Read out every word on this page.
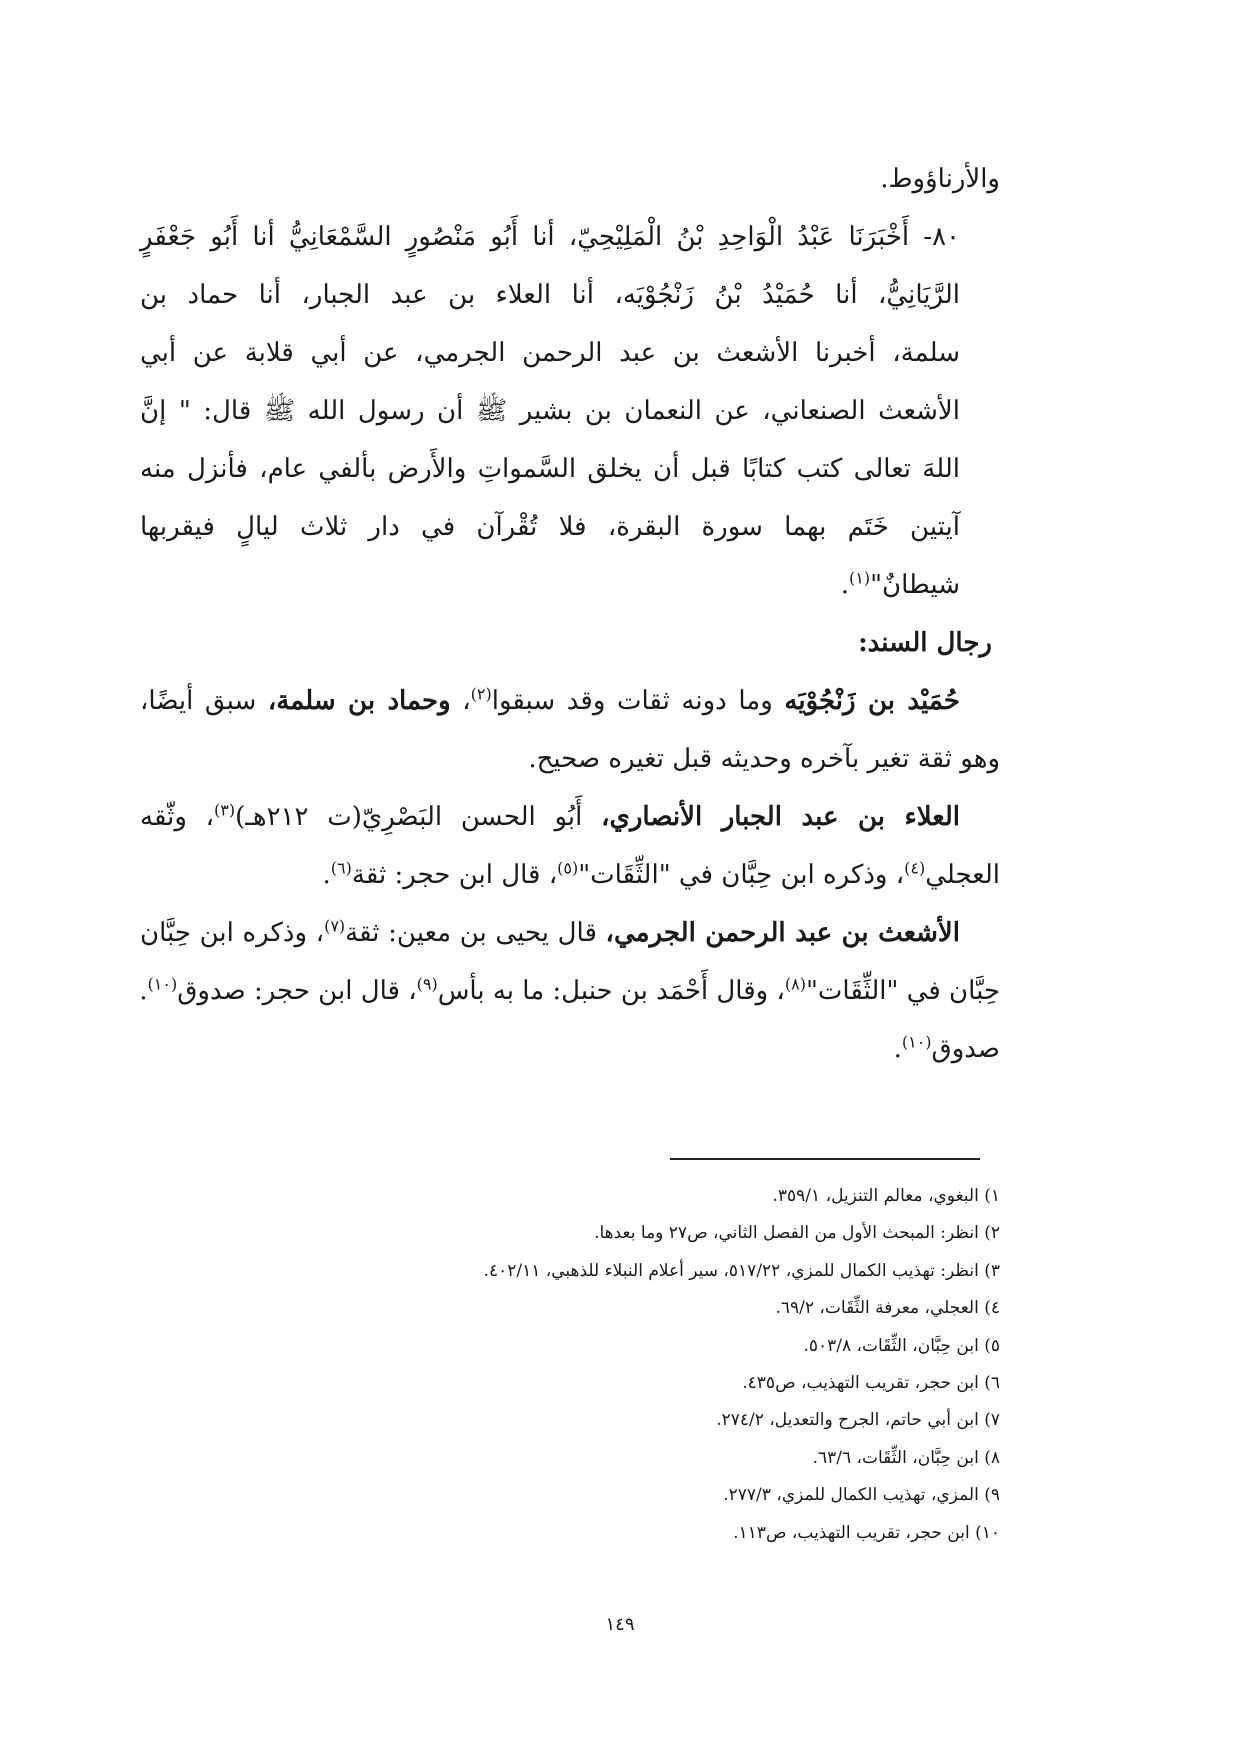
والأرناؤوط.
٨٠- أَخْبَرَنَا عَبْدُ الْوَاحِدِ بْنُ الْمَلِيْحِيّ، أنا أَبُو مَنْصُورٍ السَّمْعَانِيُّ أنا أَبُو جَعْفَرٍ
الرَّيَانِيُّ، أنا حُمَيْدُ بْنُ زَنْجُوْيَه، أنا العلاء بن عبد الجبار، أنا حماد بن
سلمة، أخبرنا الأشعث بن عبد الرحمن الجرمي، عن أبي قلابة عن أبي
الأشعث الصنعاني، عن النعمان بن بشير ﷺ أن رسول الله ﷺ قال: " إنَّ
اللهَ تعالى كتب كتابًا قبل أن يخلق السَّمواتِ والأَرض بألفي عام، فأنزل منه
آيتين خَتَم بهما سورة البقرة، فلا تُقْرآن في دار ثلاث ليالٍ فيقربها
شيطانٌ"$^{(١)}$.
رجال السند:
حُمَيْد بن زَنْجُوْيَه وما دونه ثقات وقد سبقوا$^{(٢)}$، وحماد بن سلمة، سبق أيضًا،
وهو ثقة تغير بآخره وحديثه قبل تغيره صحيح.
العلاء بن عبد الجبار الأنصاري، أَبُو الحسن البَصْرِيّ(ت ٢١٢هـ)$^{(٣)}$، وثّقه
العجلي$^{(٤)}$، وذكره ابن حِبَّان في "الثِّقَات"$^{(٥)}$، قال ابن حجر: ثقة$^{(٦)}$.
الأشعث بن عبد الرحمن الجرمي، قال يحيى بن معين: ثقة$^{(٧)}$، وذكره ابن حِبَّان
حِبَّان في "الثِّقَات"$^{(٨)}$، وقال أَحْمَد بن حنبل: ما به بأس$^{(٩)}$، قال ابن حجر: صدوق$^{(١٠)}$.
صدوق$^{(١٠)}$.
١) البغوي، معالم التنزيل، ٣٥٩/١.
٢) انظر: المبحث الأول من الفصل الثاني، ص٢٧ وما بعدها.
٣) انظر: تهذيب الكمال للمزي، ٥١٧/٢٢، سير أعلام النبلاء للذهبي، ٤٠٢/١١.
٤) العجلي، معرفة الثِّقَات، ٦٩/٢.
٥) ابن حِبَّان، الثِّقَات، ٥٠٣/٨.
٦) ابن حجر، تقريب التهذيب، ص٤٣٥.
٧) ابن أبي حاتم، الجرح والتعديل، ٢٧٤/٢.
٨) ابن حِبَّان، الثِّقَات، ٦٣/٦.
٩) المزي، تهذيب الكمال للمزي، ٢٧٧/٣.
١٠) ابن حجر، تقريب التهذيب، ص١١٣.
١٤٩
